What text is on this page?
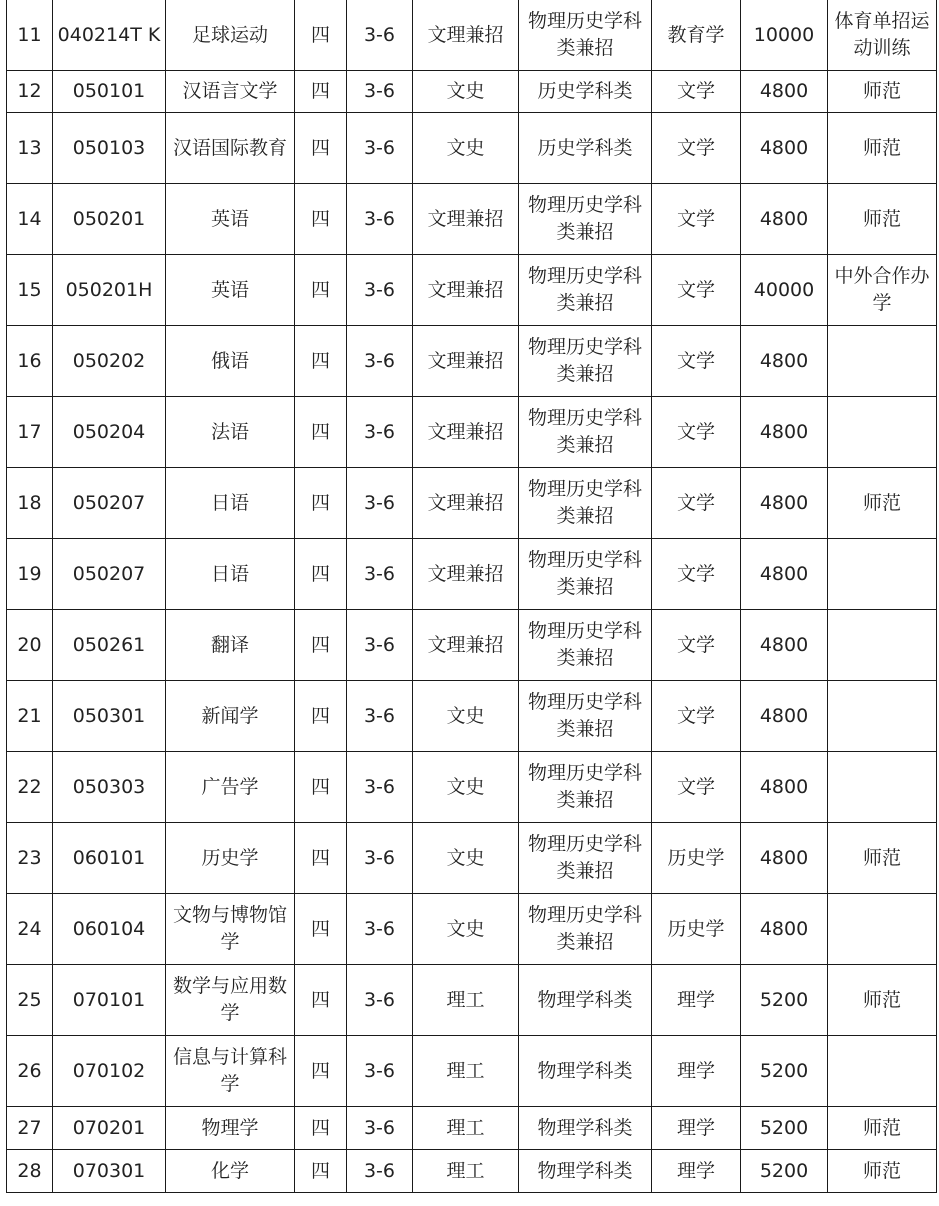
11	040214T K	足球运动	四	3-6	文理兼招	物理历史学科类兼招	教育学	10000	体育单招运动训练
12	050101	汉语言文学	四	3-6	文史	历史学科类	文学	4800	师范
13	050103	汉语国际教育	四	3-6	文史	历史学科类	文学	4800	师范
14	050201	英语	四	3-6	文理兼招	物理历史学科类兼招	文学	4800	师范
15	050201H	英语	四	3-6	文理兼招	物理历史学科类兼招	文学	40000	中外合作办学
16	050202	俄语	四	3-6	文理兼招	物理历史学科类兼招	文学	4800	
17	050204	法语	四	3-6	文理兼招	物理历史学科类兼招	文学	4800	
18	050207	日语	四	3-6	文理兼招	物理历史学科类兼招	文学	4800	师范
19	050207	日语	四	3-6	文理兼招	物理历史学科类兼招	文学	4800	
20	050261	翻译	四	3-6	文理兼招	物理历史学科类兼招	文学	4800	
21	050301	新闻学	四	3-6	文史	物理历史学科类兼招	文学	4800	
22	050303	广告学	四	3-6	文史	物理历史学科类兼招	文学	4800	
23	060101	历史学	四	3-6	文史	物理历史学科类兼招	历史学	4800	师范
24	060104	文物与博物馆学	四	3-6	文史	物理历史学科类兼招	历史学	4800	
25	070101	数学与应用数学	四	3-6	理工	物理学科类	理学	5200	师范
26	070102	信息与计算科学	四	3-6	理工	物理学科类	理学	5200	
27	070201	物理学	四	3-6	理工	物理学科类	理学	5200	师范
28	070301	化学	四	3-6	理工	物理学科类	理学	5200	师范
